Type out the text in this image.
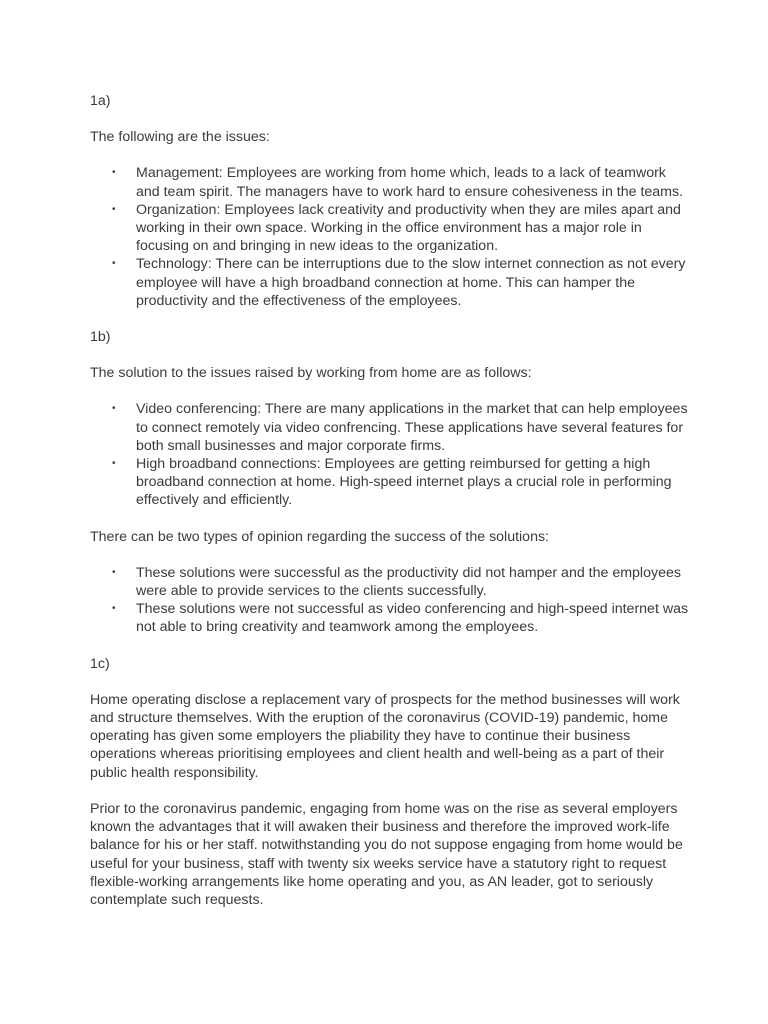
1a)

The following are the issues:

• Management: Employees are working from home which, leads to a lack of teamwork and team spirit. The managers have to work hard to ensure cohesiveness in the teams.
• Organization: Employees lack creativity and productivity when they are miles apart and working in their own space. Working in the office environment has a major role in focusing on and bringing in new ideas to the organization.
• Technology: There can be interruptions due to the slow internet connection as not every employee will have a high broadband connection at home. This can hamper the productivity and the effectiveness of the employees.

1b)

The solution to the issues raised by working from home are as follows:

• Video conferencing: There are many applications in the market that can help employees to connect remotely via video confrencing. These applications have several features for both small businesses and major corporate firms.
• High broadband connections: Employees are getting reimbursed for getting a high broadband connection at home. High-speed internet plays a crucial role in performing effectively and efficiently.

There can be two types of opinion regarding the success of the solutions:

• These solutions were successful as the productivity did not hamper and the employees were able to provide services to the clients successfully.
• These solutions were not successful as video conferencing and high-speed internet was not able to bring creativity and teamwork among the employees.

1c)

Home operating disclose a replacement vary of prospects for the method businesses will work and structure themselves. With the eruption of the coronavirus (COVID-19) pandemic, home operating has given some employers the pliability they have to continue their business operations whereas prioritising employees and client health and well-being as a part of their public health responsibility.

Prior to the coronavirus pandemic, engaging from home was on the rise as several employers known the advantages that it will awaken their business and therefore the improved work-life balance for his or her staff. notwithstanding you do not suppose engaging from home would be useful for your business, staff with twenty six weeks service have a statutory right to request flexible-working arrangements like home operating and you, as AN leader, got to seriously contemplate such requests.
